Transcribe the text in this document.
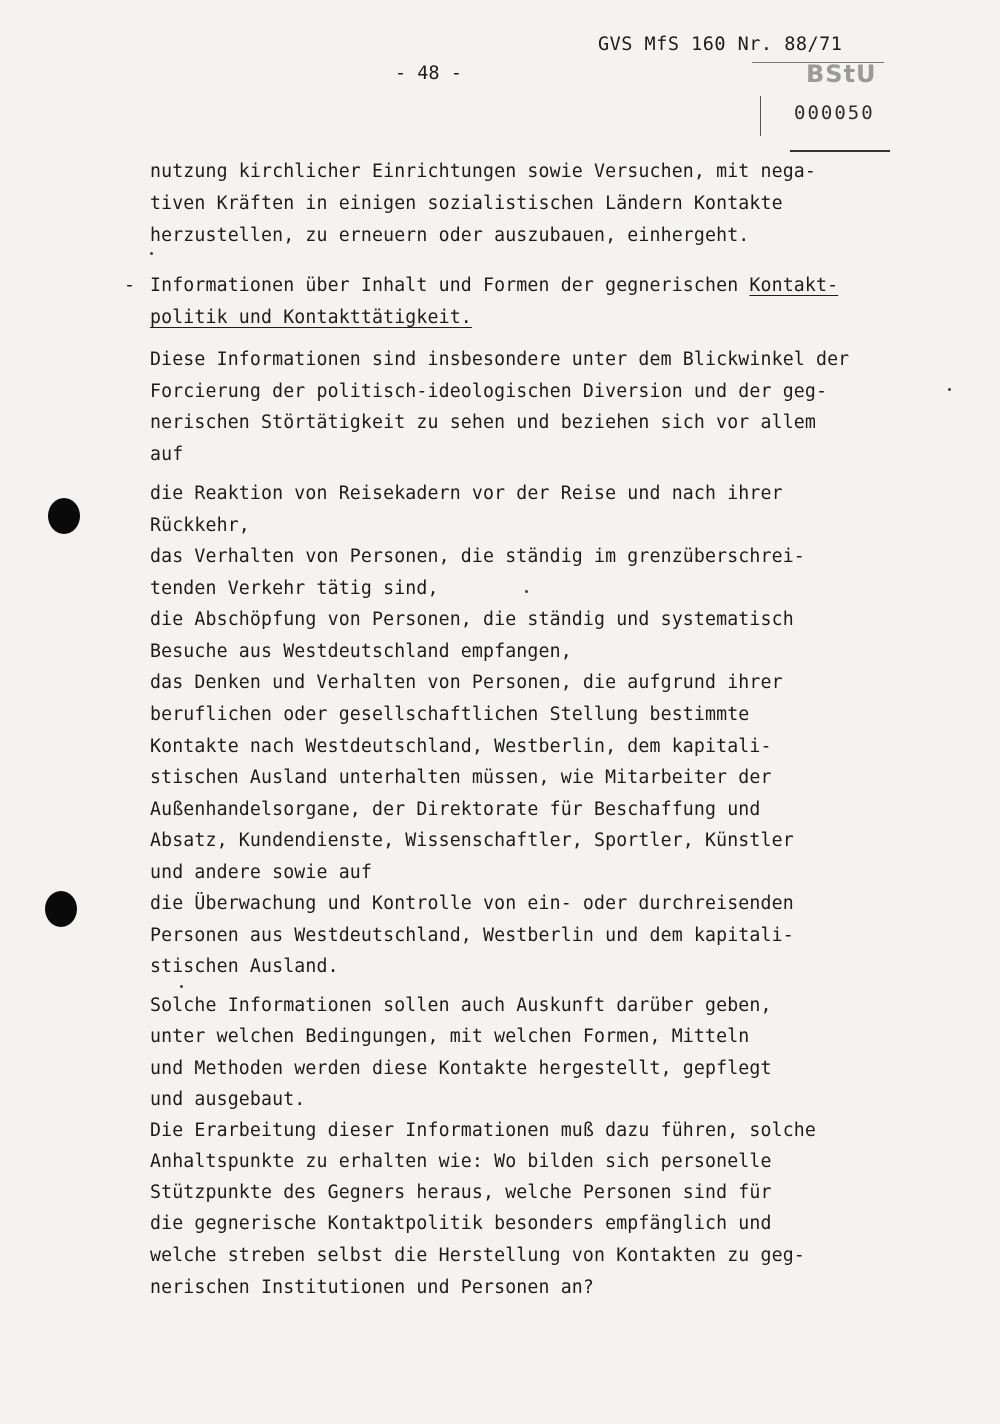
GVS MfS 160 Nr. 88/71
- 48 -	BStU
000050
nutzung kirchlicher Einrichtungen sowie Versuchen, mit nega-
tiven Kräften in einigen sozialistischen Ländern Kontakte
herzustellen, zu erneuern oder auszubauen, einhergeht.
- Informationen über Inhalt und Formen der gegnerischen Kontakt-
politik und Kontakttätigkeit.
Diese Informationen sind insbesondere unter dem Blickwinkel der
Forcierung der politisch-ideologischen Diversion und der geg-
nerischen Störtätigkeit zu sehen und beziehen sich vor allem
auf
die Reaktion von Reisekadern vor der Reise und nach ihrer
Rückkehr,
das Verhalten von Personen, die ständig im grenzüberschrei-
tenden Verkehr tätig sind,
die Abschöpfung von Personen, die ständig und systematisch
Besuche aus Westdeutschland empfangen,
das Denken und Verhalten von Personen, die aufgrund ihrer
beruflichen oder gesellschaftlichen Stellung bestimmte
Kontakte nach Westdeutschland, Westberlin, dem kapitali-
stischen Ausland unterhalten müssen, wie Mitarbeiter der
Außenhandelsorgane, der Direktorate für Beschaffung und
Absatz, Kundendienste, Wissenschaftler, Sportler, Künstler
und andere sowie auf
die Überwachung und Kontrolle von ein- oder durchreisenden
Personen aus Westdeutschland, Westberlin und dem kapitali-
stischen Ausland.
Solche Informationen sollen auch Auskunft darüber geben,
unter welchen Bedingungen, mit welchen Formen, Mitteln
und Methoden werden diese Kontakte hergestellt, gepflegt
und ausgebaut.
Die Erarbeitung dieser Informationen muß dazu führen, solche
Anhaltspunkte zu erhalten wie: Wo bilden sich personelle
Stützpunkte des Gegners heraus, welche Personen sind für
die gegnerische Kontaktpolitik besonders empfänglich und
welche streben selbst die Herstellung von Kontakten zu geg-
nerischen Institutionen und Personen an?
